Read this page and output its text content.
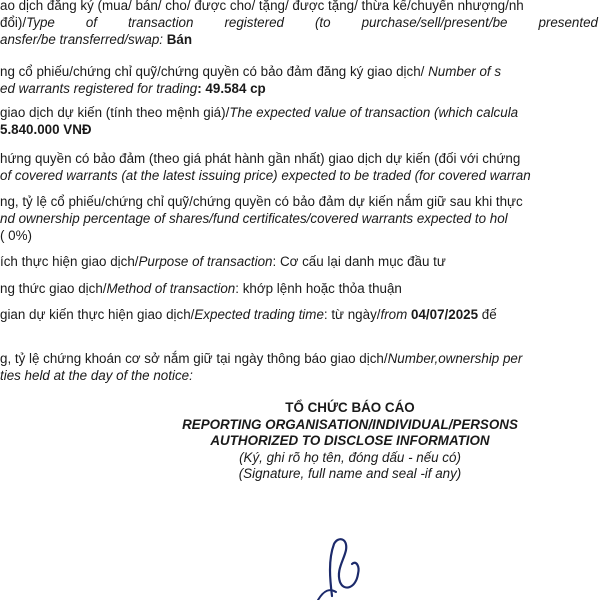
ao dịch đăng ký (mua/ bán/ cho/ được cho/ tặng/ được tặng/ thừa kế/chuyển nhượng/nh
đổi)/Type of transaction registered (to purchase/sell/present/be presented
ansfer/be transferred/swap: Bán
ng cổ phiếu/chứng chỉ quỹ/chứng quyền có bảo đảm đăng ký giao dịch/ Number of s
ed warrants registered for trading: 49.584 cp
giao dịch dự kiến (tính theo mệnh giá)/The expected value of transaction (which calcula
5.840.000 VNĐ
hứng quyền có bảo đảm (theo giá phát hành gần nhất) giao dịch dự kiến (đối với chứng
of covered warrants (at the latest issuing price) expected to be traded (for covered warran
ng, tỷ lệ cổ phiếu/chứng chỉ quỹ/chứng quyền có bảo đảm dự kiến nắm giữ sau khi thực
nd ownership percentage of shares/fund certificates/covered warrants expected to hol
( 0%)
ích thực hiện giao dịch/Purpose of transaction: Cơ cấu lại danh mục đầu tư
ng thức giao dịch/Method of transaction: khớp lệnh hoặc thỏa thuận
gian dự kiến thực hiện giao dịch/Expected trading time: từ ngày/from 04/07/2025 đế
g, tỷ lệ chứng khoán cơ sở nắm giữ tại ngày thông báo giao dịch/Number,ownership per
ties held at the day of the notice:
TỔ CHỨC BÁO CÁO
REPORTING ORGANISATION/INDIVIDUAL/PERSONS
AUTHORIZED TO DISCLOSE INFORMATION
(Ký, ghi rõ họ tên, đóng dấu - nếu có)
(Signature, full name and seal -if any)
